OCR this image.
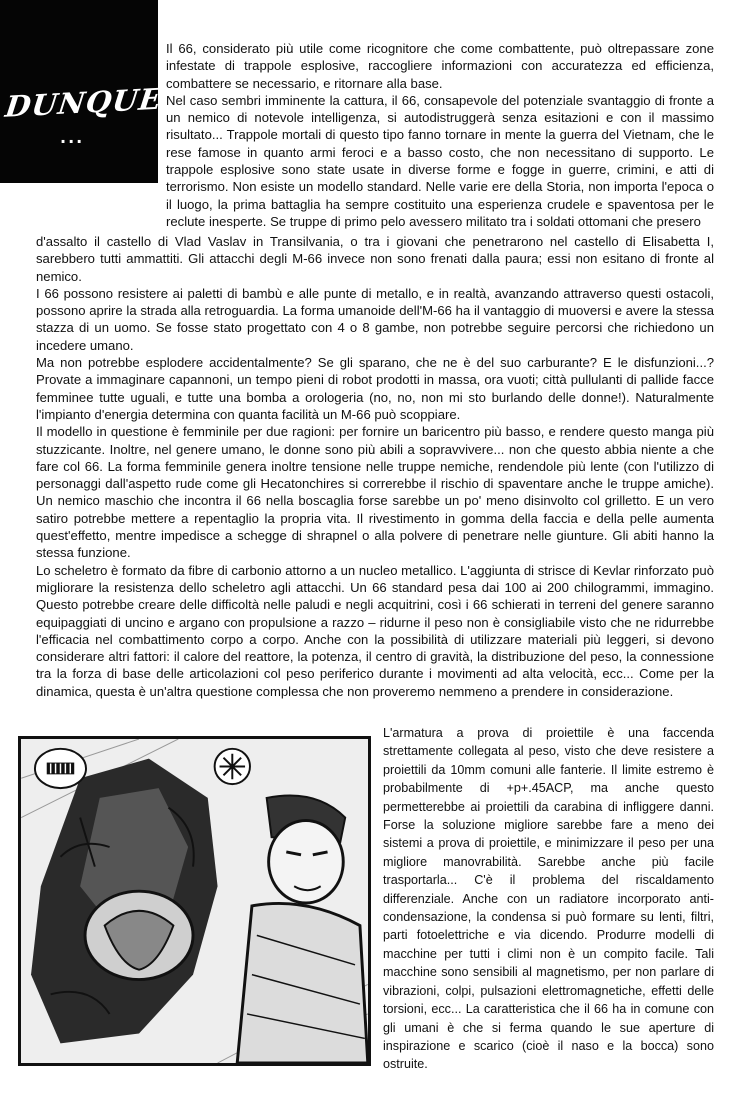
DUNQUE
...

Il 66, considerato più utile come ricognitore che come combattente, può oltrepassare zone infestate di trappole esplosive, raccogliere informazioni con accuratezza ed efficienza, combattere se necessario, e ritornare alla base.

Nel caso sembri imminente la cattura, il 66, consapevole del potenziale svantaggio di fronte a un nemico di notevole intelligenza, si autodistruggerà senza esitazioni e con il massimo risultato... Trappole mortali di questo tipo fanno tornare in mente la guerra del Vietnam, che le rese famose in quanto armi feroci e a basso costo, che non necessitano di supporto. Le trappole esplosive sono state usate in diverse forme e fogge in guerre, crimini, e atti di terrorismo. Non esiste un modello standard. Nelle varie ere della Storia, non importa l'epoca o il luogo, la prima battaglia ha sempre costituito una esperienza crudele e spaventosa per le reclute inesperte. Se truppe di primo pelo avessero militato tra i soldati ottomani che presero

d'assalto il castello di Vlad Vaslav in Transilvania, o tra i giovani che penetrarono nel castello di Elisabetta I, sarebbero tutti ammattiti. Gli attacchi degli M-66 invece non sono frenati dalla paura; essi non esitano di fronte al nemico.

I 66 possono resistere ai paletti di bambù e alle punte di metallo, e in realtà, avanzando attraverso questi ostacoli, possono aprire la strada alla retroguardia. La forma umanoide dell'M-66 ha il vantaggio di muoversi e avere la stessa stazza di un uomo. Se fosse stato progettato con 4 o 8 gambe, non potrebbe seguire percorsi che richiedono un incedere umano.

Ma non potrebbe esplodere accidentalmente? Se gli sparano, che ne è del suo carburante? E le disfunzioni...? Provate a immaginare capannoni, un tempo pieni di robot prodotti in massa, ora vuoti; città pullulanti di pallide facce femminee tutte uguali, e tutte una bomba a orologeria (no, no, non mi sto burlando delle donne!). Naturalmente l'impianto d'energia determina con quanta facilità un M-66 può scoppiare.

Il modello in questione è femminile per due ragioni: per fornire un baricentro più basso, e rendere questo manga più stuzzicante. Inoltre, nel genere umano, le donne sono più abili a sopravvivere... non che questo abbia niente a che fare col 66. La forma femminile genera inoltre tensione nelle truppe nemiche, rendendole più lente (con l'utilizzo di personaggi dall'aspetto rude come gli Hecatonchires si correrebbe il rischio di spaventare anche le truppe amiche). Un nemico maschio che incontra il 66 nella boscaglia forse sarebbe un po' meno disinvolto col grilletto. E un vero satiro potrebbe mettere a repentaglio la propria vita. Il rivestimento in gomma della faccia e della pelle aumenta quest'effetto, mentre impedisce a schegge di shrapnel o alla polvere di penetrare nelle giunture. Gli abiti hanno la stessa funzione.

Lo scheletro è formato da fibre di carbonio attorno a un nucleo metallico. L'aggiunta di strisce di Kevlar rinforzato può migliorare la resistenza dello scheletro agli attacchi. Un 66 standard pesa dai 100 ai 200 chilogrammi, immagino. Questo potrebbe creare delle difficoltà nelle paludi e negli acquitrini, così i 66 schierati in terreni del genere saranno equipaggiati di uncino e argano con propulsione a razzo – ridurne il peso non è consigliabile visto che ne ridurrebbe l'efficacia nel combattimento corpo a corpo. Anche con la possibilità di utilizzare materiali più leggeri, si devono considerare altri fattori: il calore del reattore, la potenza, il centro di gravità, la distribuzione del peso, la connessione tra la forza di base delle articolazioni col peso periferico durante i movimenti ad alta velocità, ecc... Come per la dinamica, questa è un'altra questione complessa che non proveremo nemmeno a prendere in considerazione.

L'armatura a prova di proiettile è una faccenda strettamente collegata al peso, visto che deve resistere a proiettili da 10mm comuni alle fanterie. Il limite estremo è probabilmente di +p+.45ACP, ma anche questo permetterebbe ai proiettili da carabina di infliggere danni. Forse la soluzione migliore sarebbe fare a meno dei sistemi a prova di proiettile, e minimizzare il peso per una migliore manovrabilità. Sarebbe anche più facile trasportarla... C'è il problema del riscaldamento differenziale. Anche con un radiatore incorporato anti-condensazione, la condensa si può formare su lenti, filtri, parti fotoelettriche e via dicendo. Produrre modelli di macchine per tutti i climi non è un compito facile. Tali macchine sono sensibili al magnetismo, per non parlare di vibrazioni, colpi, pulsazioni elettromagnetiche, effetti delle torsioni, ecc... La caratteristica che il 66 ha in comune con gli umani è che si ferma quando le sue aperture di inspirazione e scarico (cioè il naso e la bocca) sono ostruite.
